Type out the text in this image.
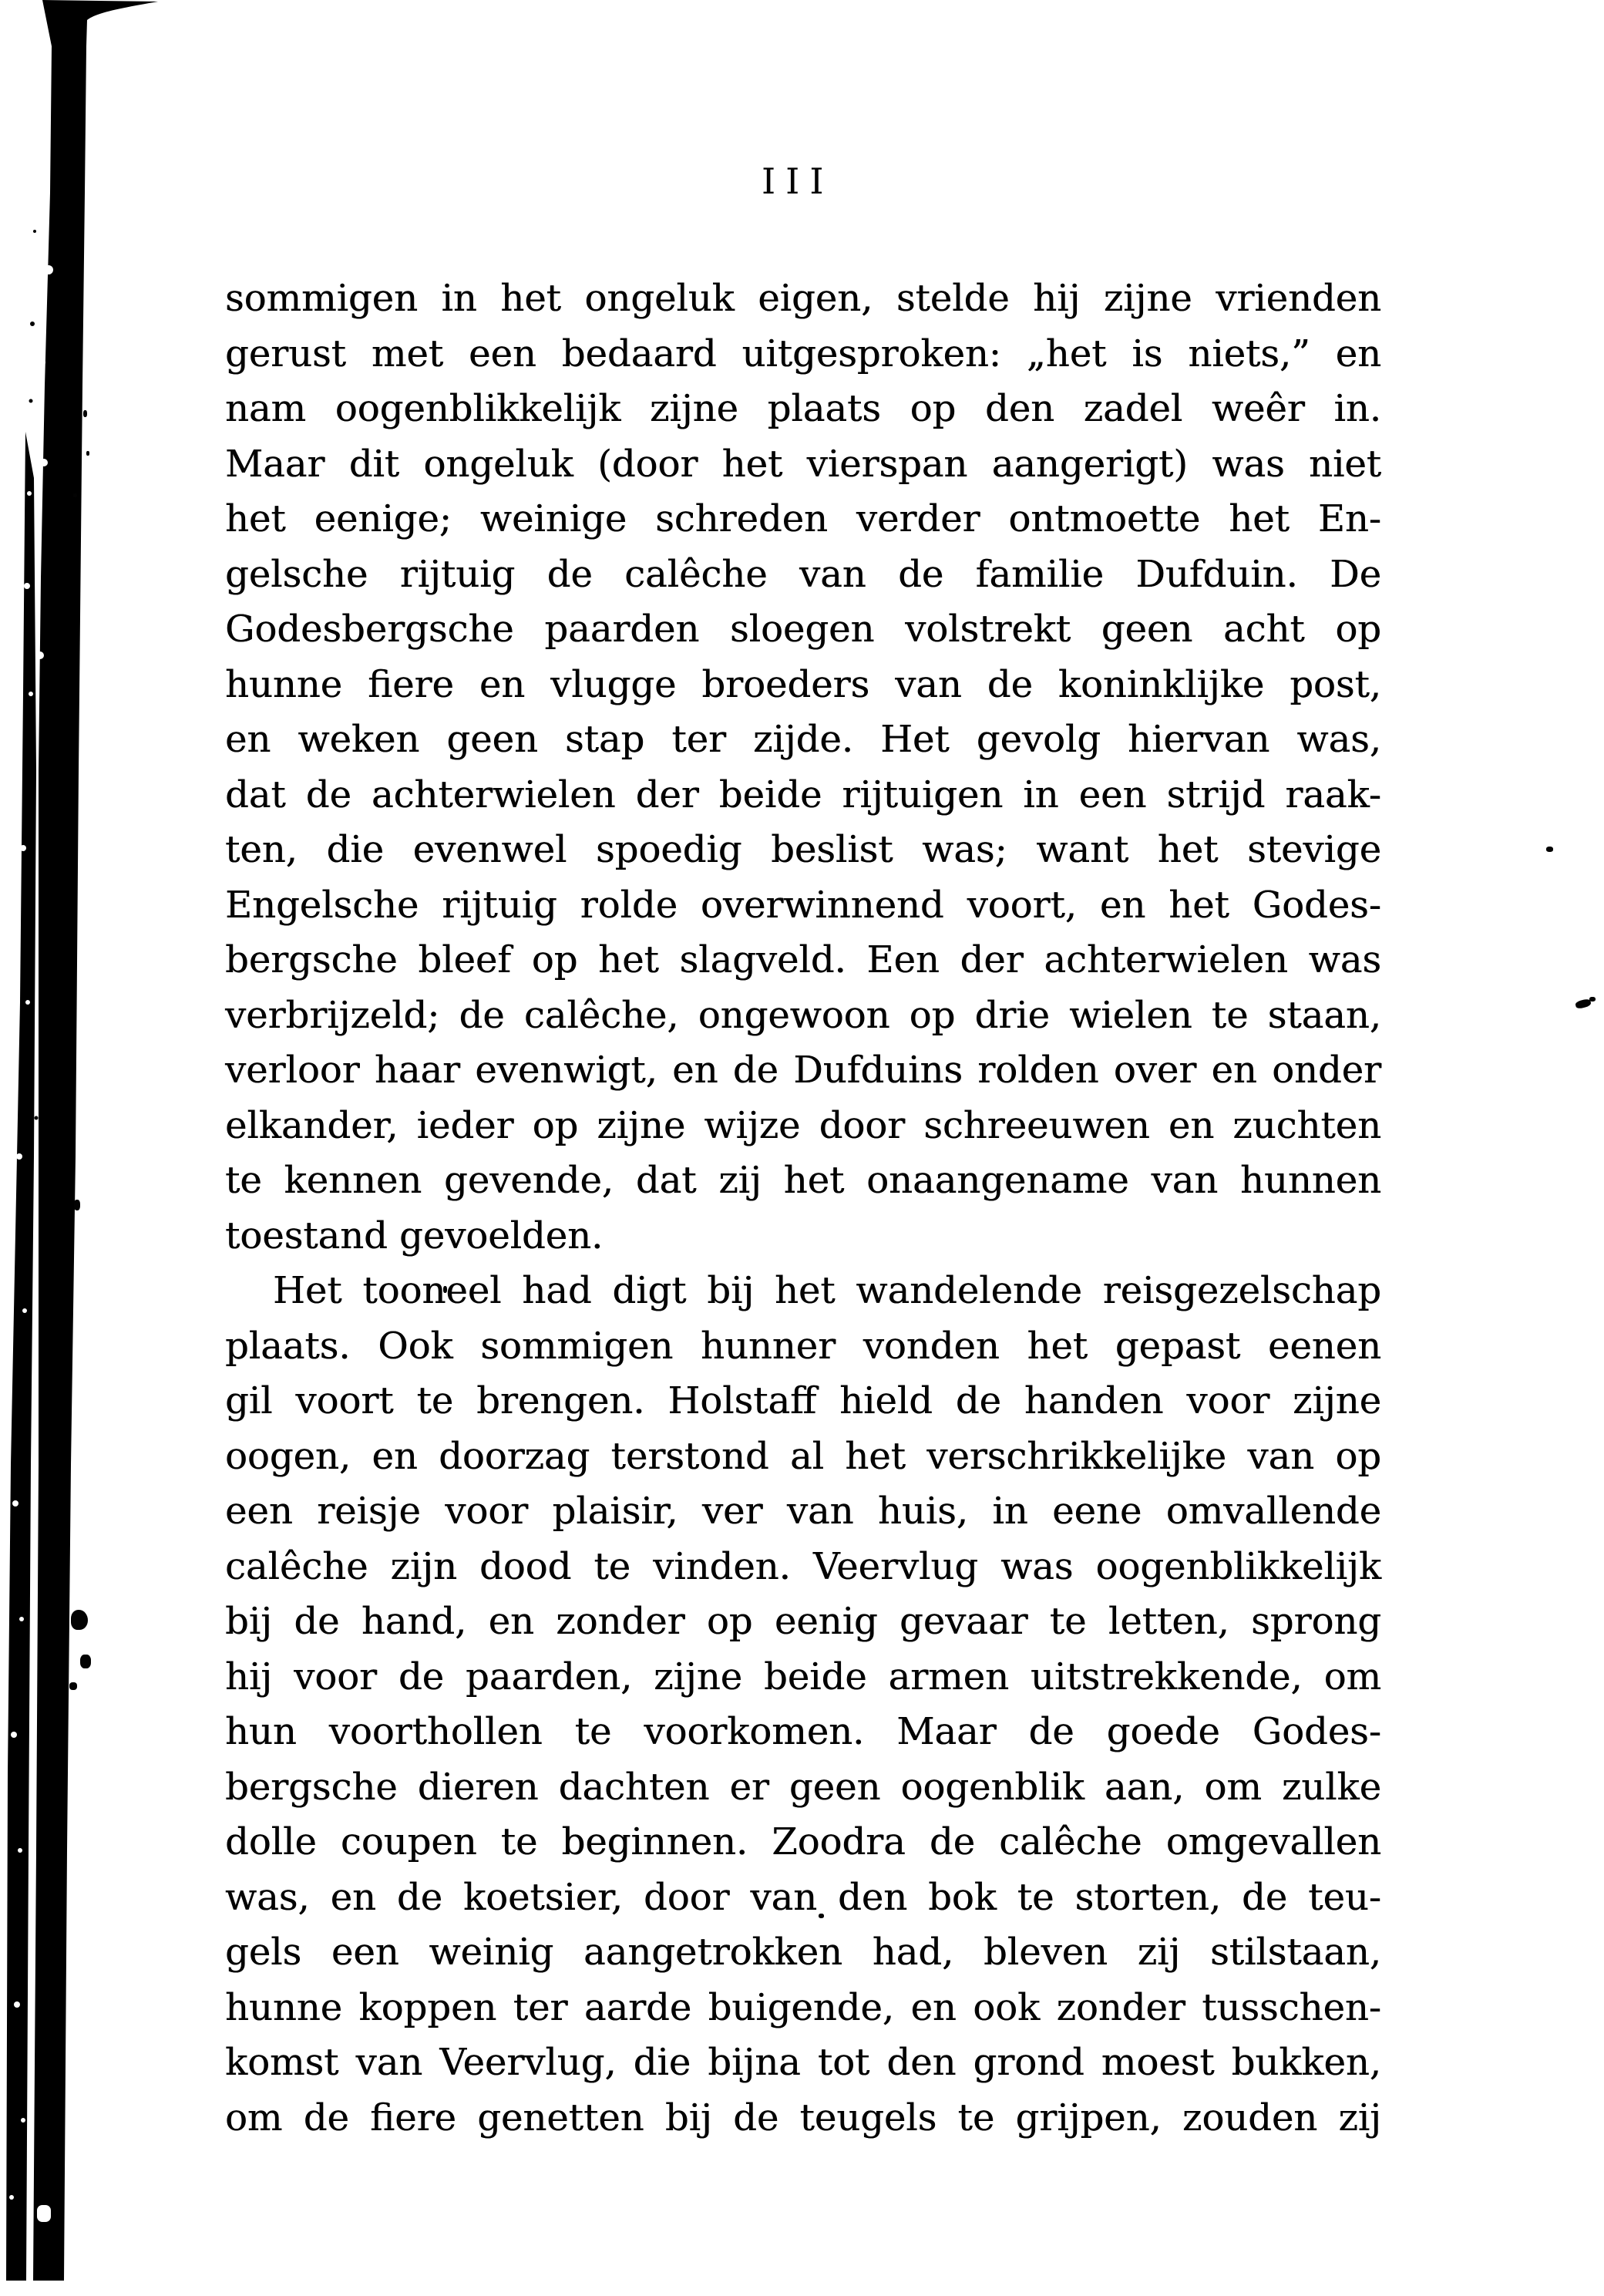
III
sommigen in het ongeluk eigen, stelde hij zijne vrienden
gerust met een bedaard uitgesproken: „het is niets,” en
nam oogenblikkelijk zijne plaats op den zadel weêr in.
Maar dit ongeluk (door het vierspan aangerigt) was niet
het eenige; weinige schreden verder ontmoette het En-
gelsche rijtuig de calêche van de familie Dufduin. De
Godesbergsche paarden sloegen volstrekt geen acht op
hunne fiere en vlugge broeders van de koninklijke post,
en weken geen stap ter zijde. Het gevolg hiervan was,
dat de achterwielen der beide rijtuigen in een strijd raak-
ten, die evenwel spoedig beslist was; want het stevige
Engelsche rijtuig rolde overwinnend voort, en het Godes-
bergsche bleef op het slagveld. Een der achterwielen was
verbrijzeld; de calêche, ongewoon op drie wielen te staan,
verloor haar evenwigt, en de Dufduins rolden over en onder
elkander, ieder op zijne wijze door schreeuwen en zuchten
te kennen gevende, dat zij het onaangename van hunnen
toestand gevoelden.
Het tooneel had digt bij het wandelende reisgezelschap
plaats. Ook sommigen hunner vonden het gepast eenen
gil voort te brengen. Holstaff hield de handen voor zijne
oogen, en doorzag terstond al het verschrikkelijke van op
een reisje voor plaisir, ver van huis, in eene omvallende
calêche zijn dood te vinden. Veervlug was oogenblikkelijk
bij de hand, en zonder op eenig gevaar te letten, sprong
hij voor de paarden, zijne beide armen uitstrekkende, om
hun voorthollen te voorkomen. Maar de goede Godes-
bergsche dieren dachten er geen oogenblik aan, om zulke
dolle coupen te beginnen. Zoodra de calêche omgevallen
was, en de koetsier, door van den bok te storten, de teu-
gels een weinig aangetrokken had, bleven zij stilstaan,
hunne koppen ter aarde buigende, en ook zonder tusschen-
komst van Veervlug, die bijna tot den grond moest bukken,
om de fiere genetten bij de teugels te grijpen, zouden zij
